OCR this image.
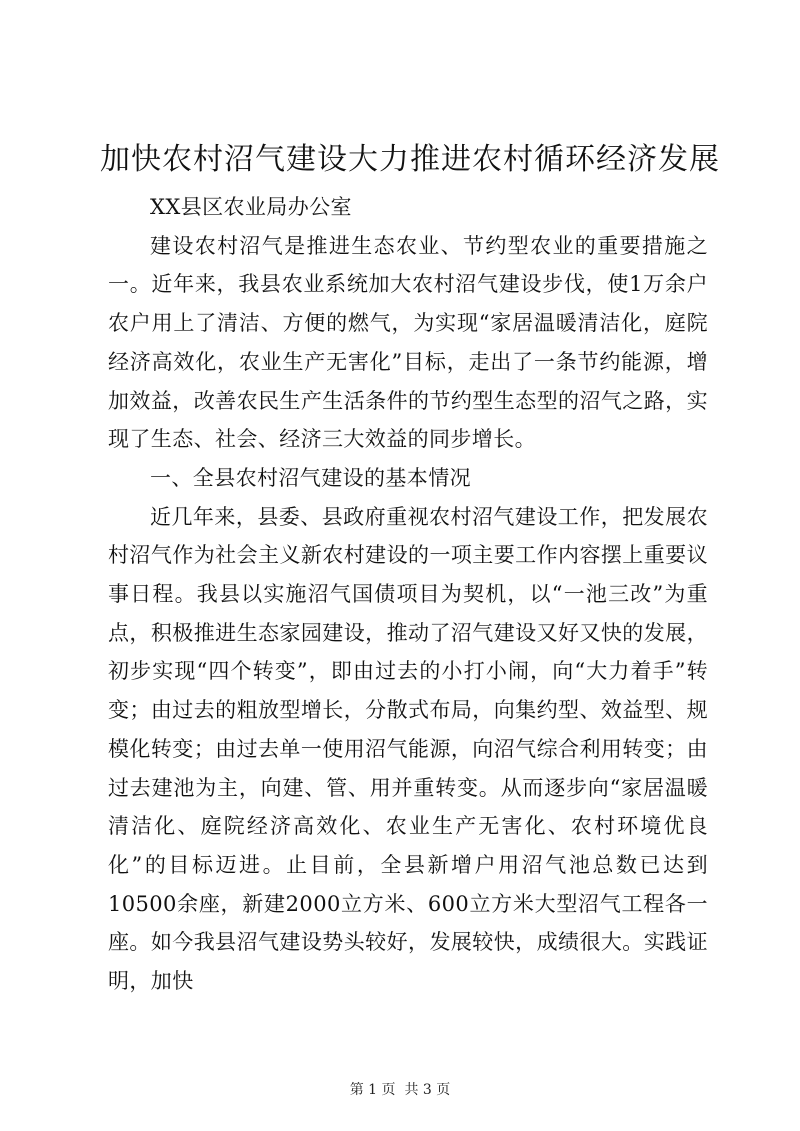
加快农村沼气建设大力推进农村循环经济发展

XX县区农业局办公室

建设农村沼气是推进生态农业、节约型农业的重要措施之一。近年来，我县农业系统加大农村沼气建设步伐，使1万余户农户用上了清洁、方便的燃气，为实现“家居温暖清洁化，庭院经济高效化，农业生产无害化”目标，走出了一条节约能源，增加效益，改善农民生产生活条件的节约型生态型的沼气之路，实现了生态、社会、经济三大效益的同步增长。

一、全县农村沼气建设的基本情况

近几年来，县委、县政府重视农村沼气建设工作，把发展农村沼气作为社会主义新农村建设的一项主要工作内容摆上重要议事日程。我县以实施沼气国债项目为契机，以“一池三改”为重点，积极推进生态家园建设，推动了沼气建设又好又快的发展，初步实现“四个转变”，即由过去的小打小闹，向“大力着手”转变；由过去的粗放型增长，分散式布局，向集约型、效益型、规模化转变；由过去单一使用沼气能源，向沼气综合利用转变；由过去建池为主，向建、管、用并重转变。从而逐步向“家居温暖清洁化、庭院经济高效化、农业生产无害化、农村环境优良化”的目标迈进。止目前，全县新增户用沼气池总数已达到10500余座，新建2000立方米、600立方米大型沼气工程各一座。如今我县沼气建设势头较好，发展较快，成绩很大。实践证明，加快

第 1 页  共 3 页
